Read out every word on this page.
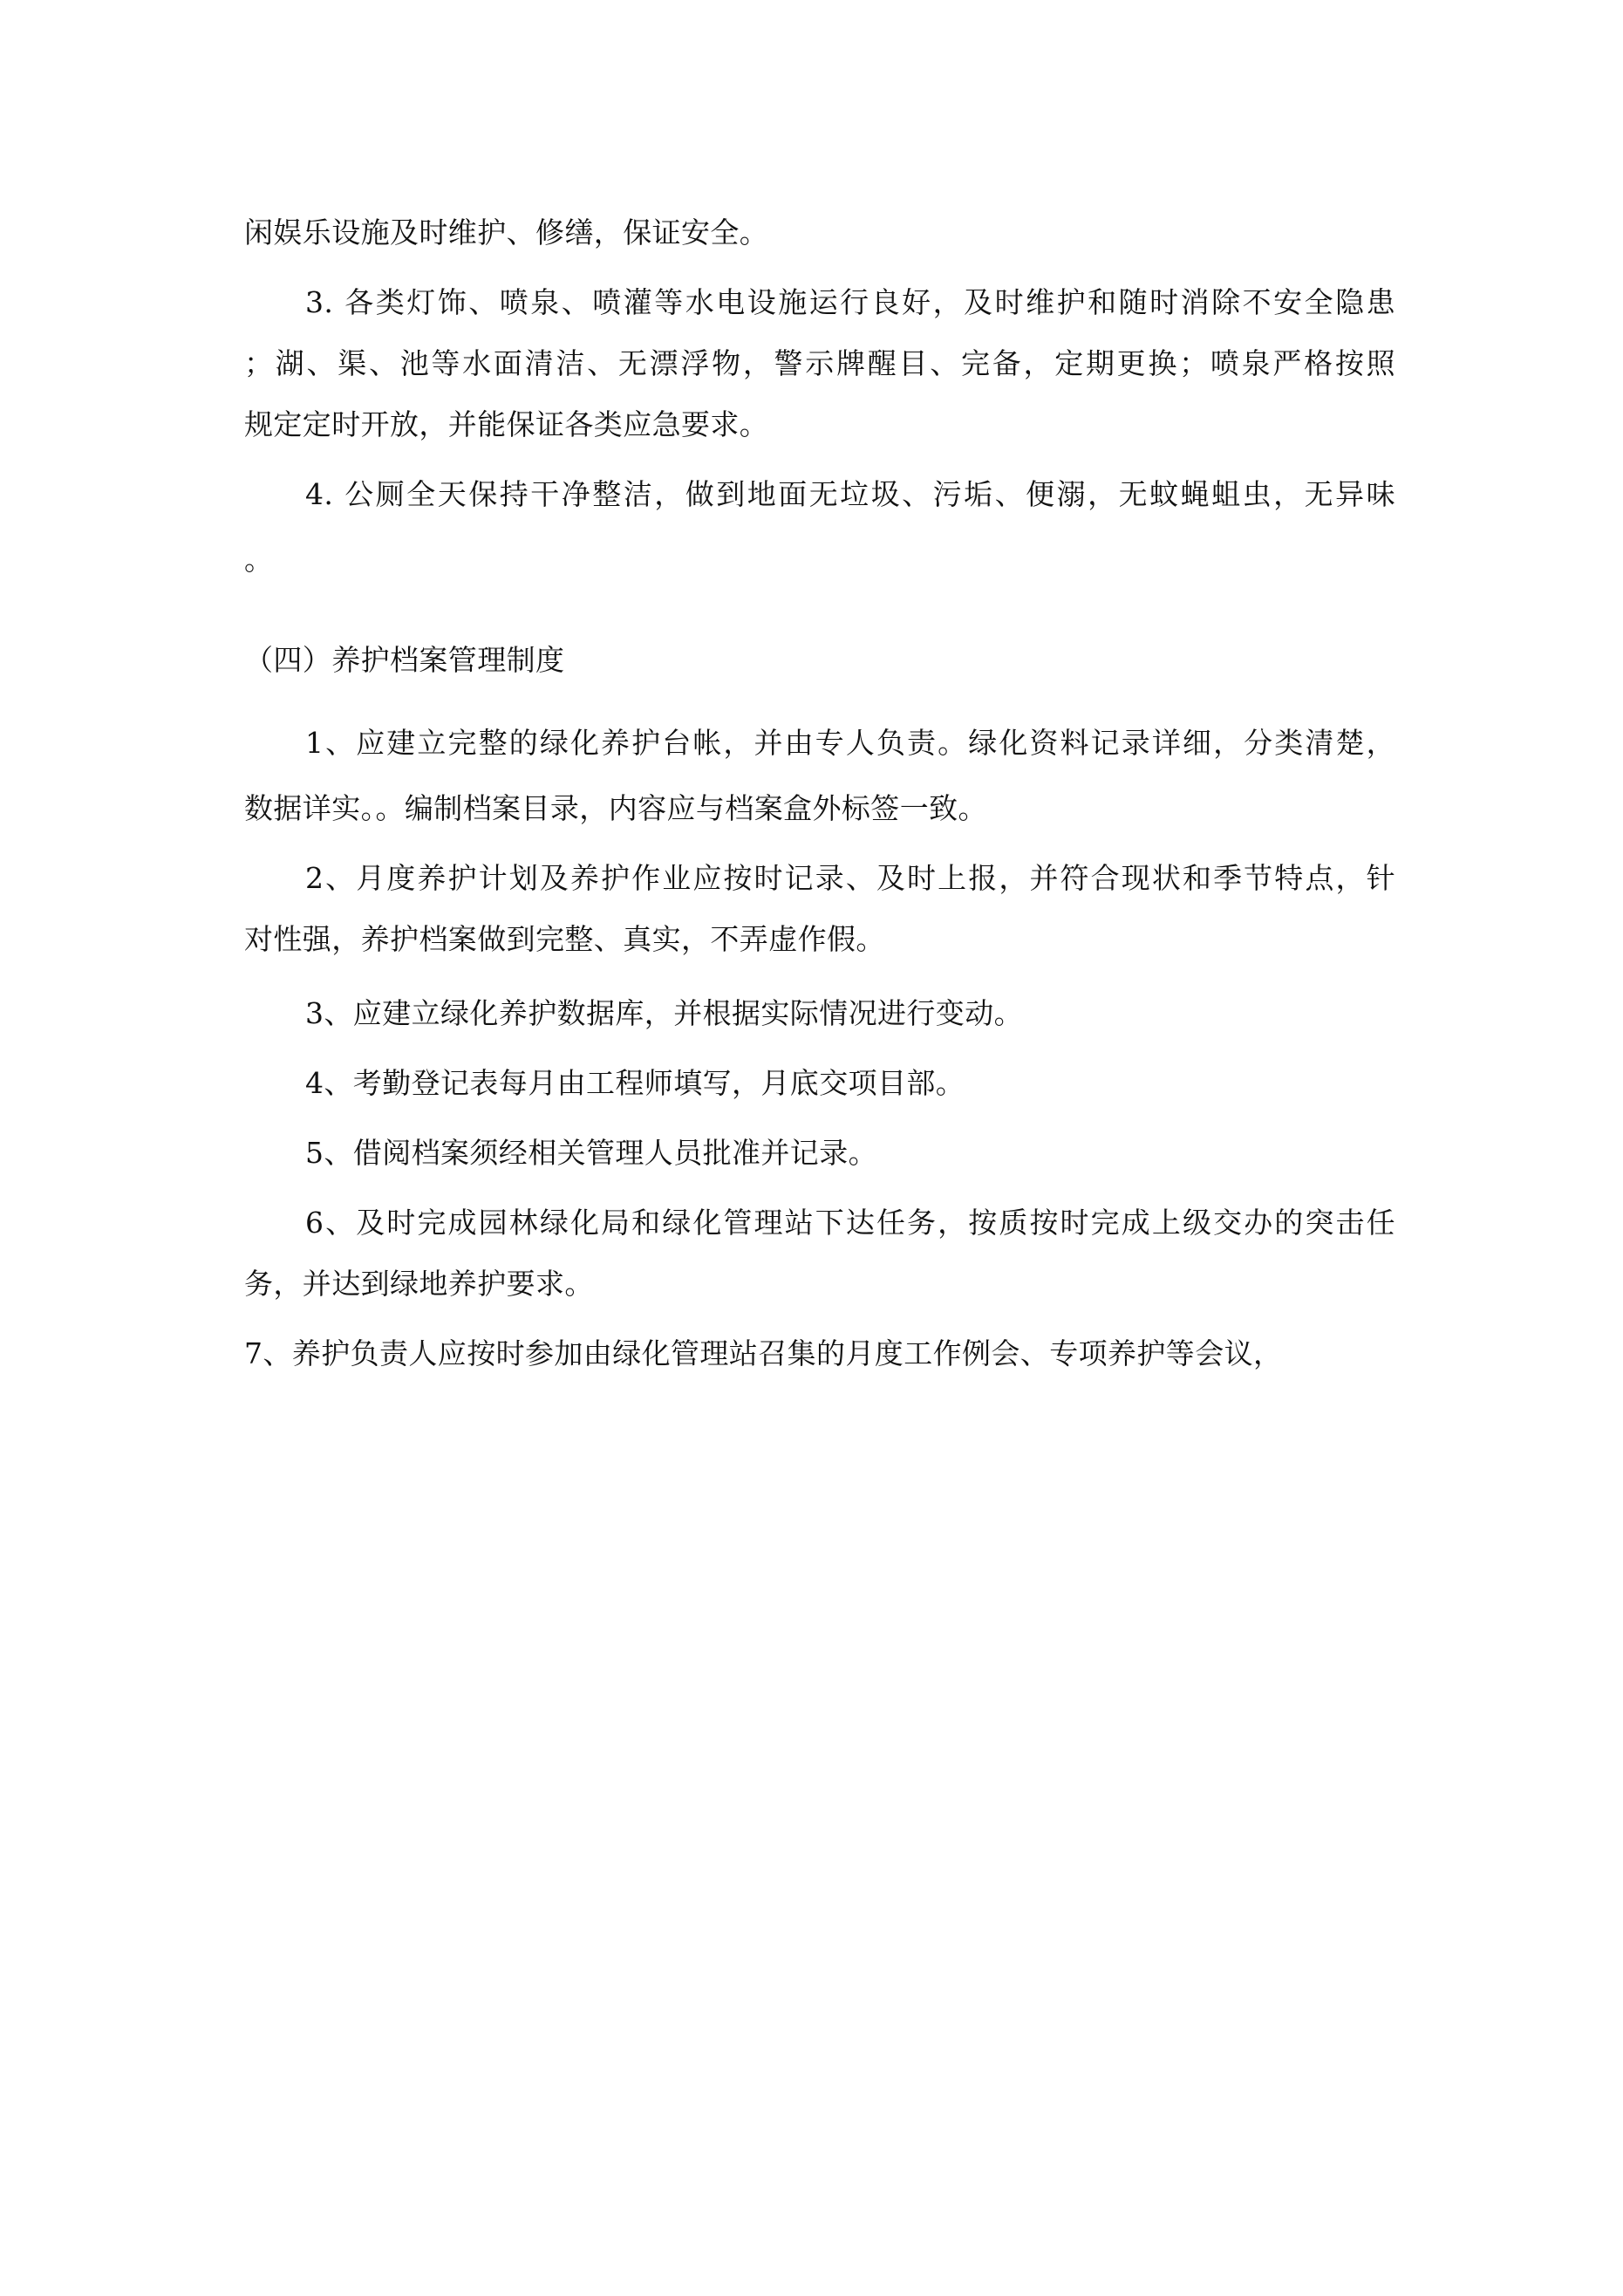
闲娱乐设施及时维护、修缮，保证安全。
3. 各类灯饰、喷泉、喷灌等水电设施运行良好，及时维护和随时消除不安全隐患
；湖、渠、池等水面清洁、无漂浮物，警示牌醒目、完备，定期更换；喷泉严格按照
规定定时开放，并能保证各类应急要求。
4. 公厕全天保持干净整洁，做到地面无垃圾、污垢、便溺，无蚊蝇蛆虫，无异味
。
（四）养护档案管理制度
1、应建立完整的绿化养护台帐，并由专人负责。绿化资料记录详细，分类清楚，
数据详实。。编制档案目录，内容应与档案盒外标签一致。
2、月度养护计划及养护作业应按时记录、及时上报，并符合现状和季节特点，针
对性强，养护档案做到完整、真实，不弄虚作假。
3、应建立绿化养护数据库，并根据实际情况进行变动。
4、考勤登记表每月由工程师填写，月底交项目部。
5、借阅档案须经相关管理人员批准并记录。
6、及时完成园林绿化局和绿化管理站下达任务，按质按时完成上级交办的突击任
务，并达到绿地养护要求。
7、养护负责人应按时参加由绿化管理站召集的月度工作例会、专项养护等会议，
